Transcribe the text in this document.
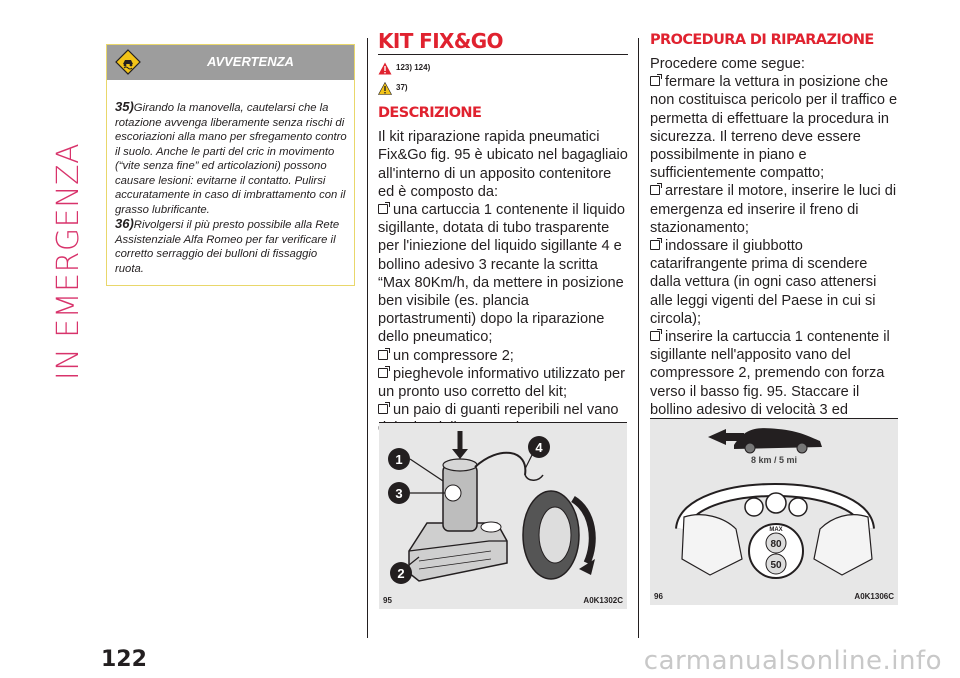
IN EMERGENZA
AVVERTENZA

35)Girando la manovella, cautelarsi che la rotazione avvenga liberamente senza rischi di escoriazioni alla mano per sfregamento contro il suolo. Anche le parti del cric in movimento (“vite senza fine” ed articolazioni) possono causare lesioni: evitarne il contatto. Pulirsi accuratamente in caso di imbrattamento con il grasso lubrificante.

36)Rivolgersi il più presto possibile alla Rete Assistenziale Alfa Romeo per far verificare il corretto serraggio dei bulloni di fissaggio ruota.

KIT FIX&GO
123) 124)
37)
DESCRIZIONE

Il kit riparazione rapida pneumatici Fix&Go fig. 95 è ubicato nel bagagliaio all'interno di un apposito contenitore ed è composto da:

una cartuccia 1 contenente il liquido sigillante, dotata di tubo trasparente per l'iniezione del liquido sigillante 4 e bollino adesivo 3 recante la scritta “Max 80Km/h, da mettere in posizione ben visibile (es. plancia portastrumenti) dopo la riparazione dello pneumatico;

un compressore 2;

pieghevole informativo utilizzato per un pronto uso corretto del kit;

un paio di guanti reperibili nel vano

1
3
2
4
95	A0K1302C
PROCEDURA DI RIPARAZIONE

Procedere come segue:

fermare la vettura in posizione che non costituisca pericolo per il traffico e permetta di effettuare la procedura in sicurezza. Il terreno deve essere possibilmente in piano e sufficientemente compatto;

arrestare il motore, inserire le luci di emergenza ed inserire il freno di stazionamento;

indossare il giubbotto catarifrangente prima di scendere dalla vettura (in ogni caso attenersi alle leggi vigenti del Paese in cui si circola);

inserire la cartuccia 1 contenente il sigillante nell'apposito vano del compressore 2, premendo con forza verso il basso fig. 95. Staccare il bollino adesivo di velocità 3 ed

8 km / 5 mi
MAX
80
50
96	A0K1306C
122	carmanualsonline.info
